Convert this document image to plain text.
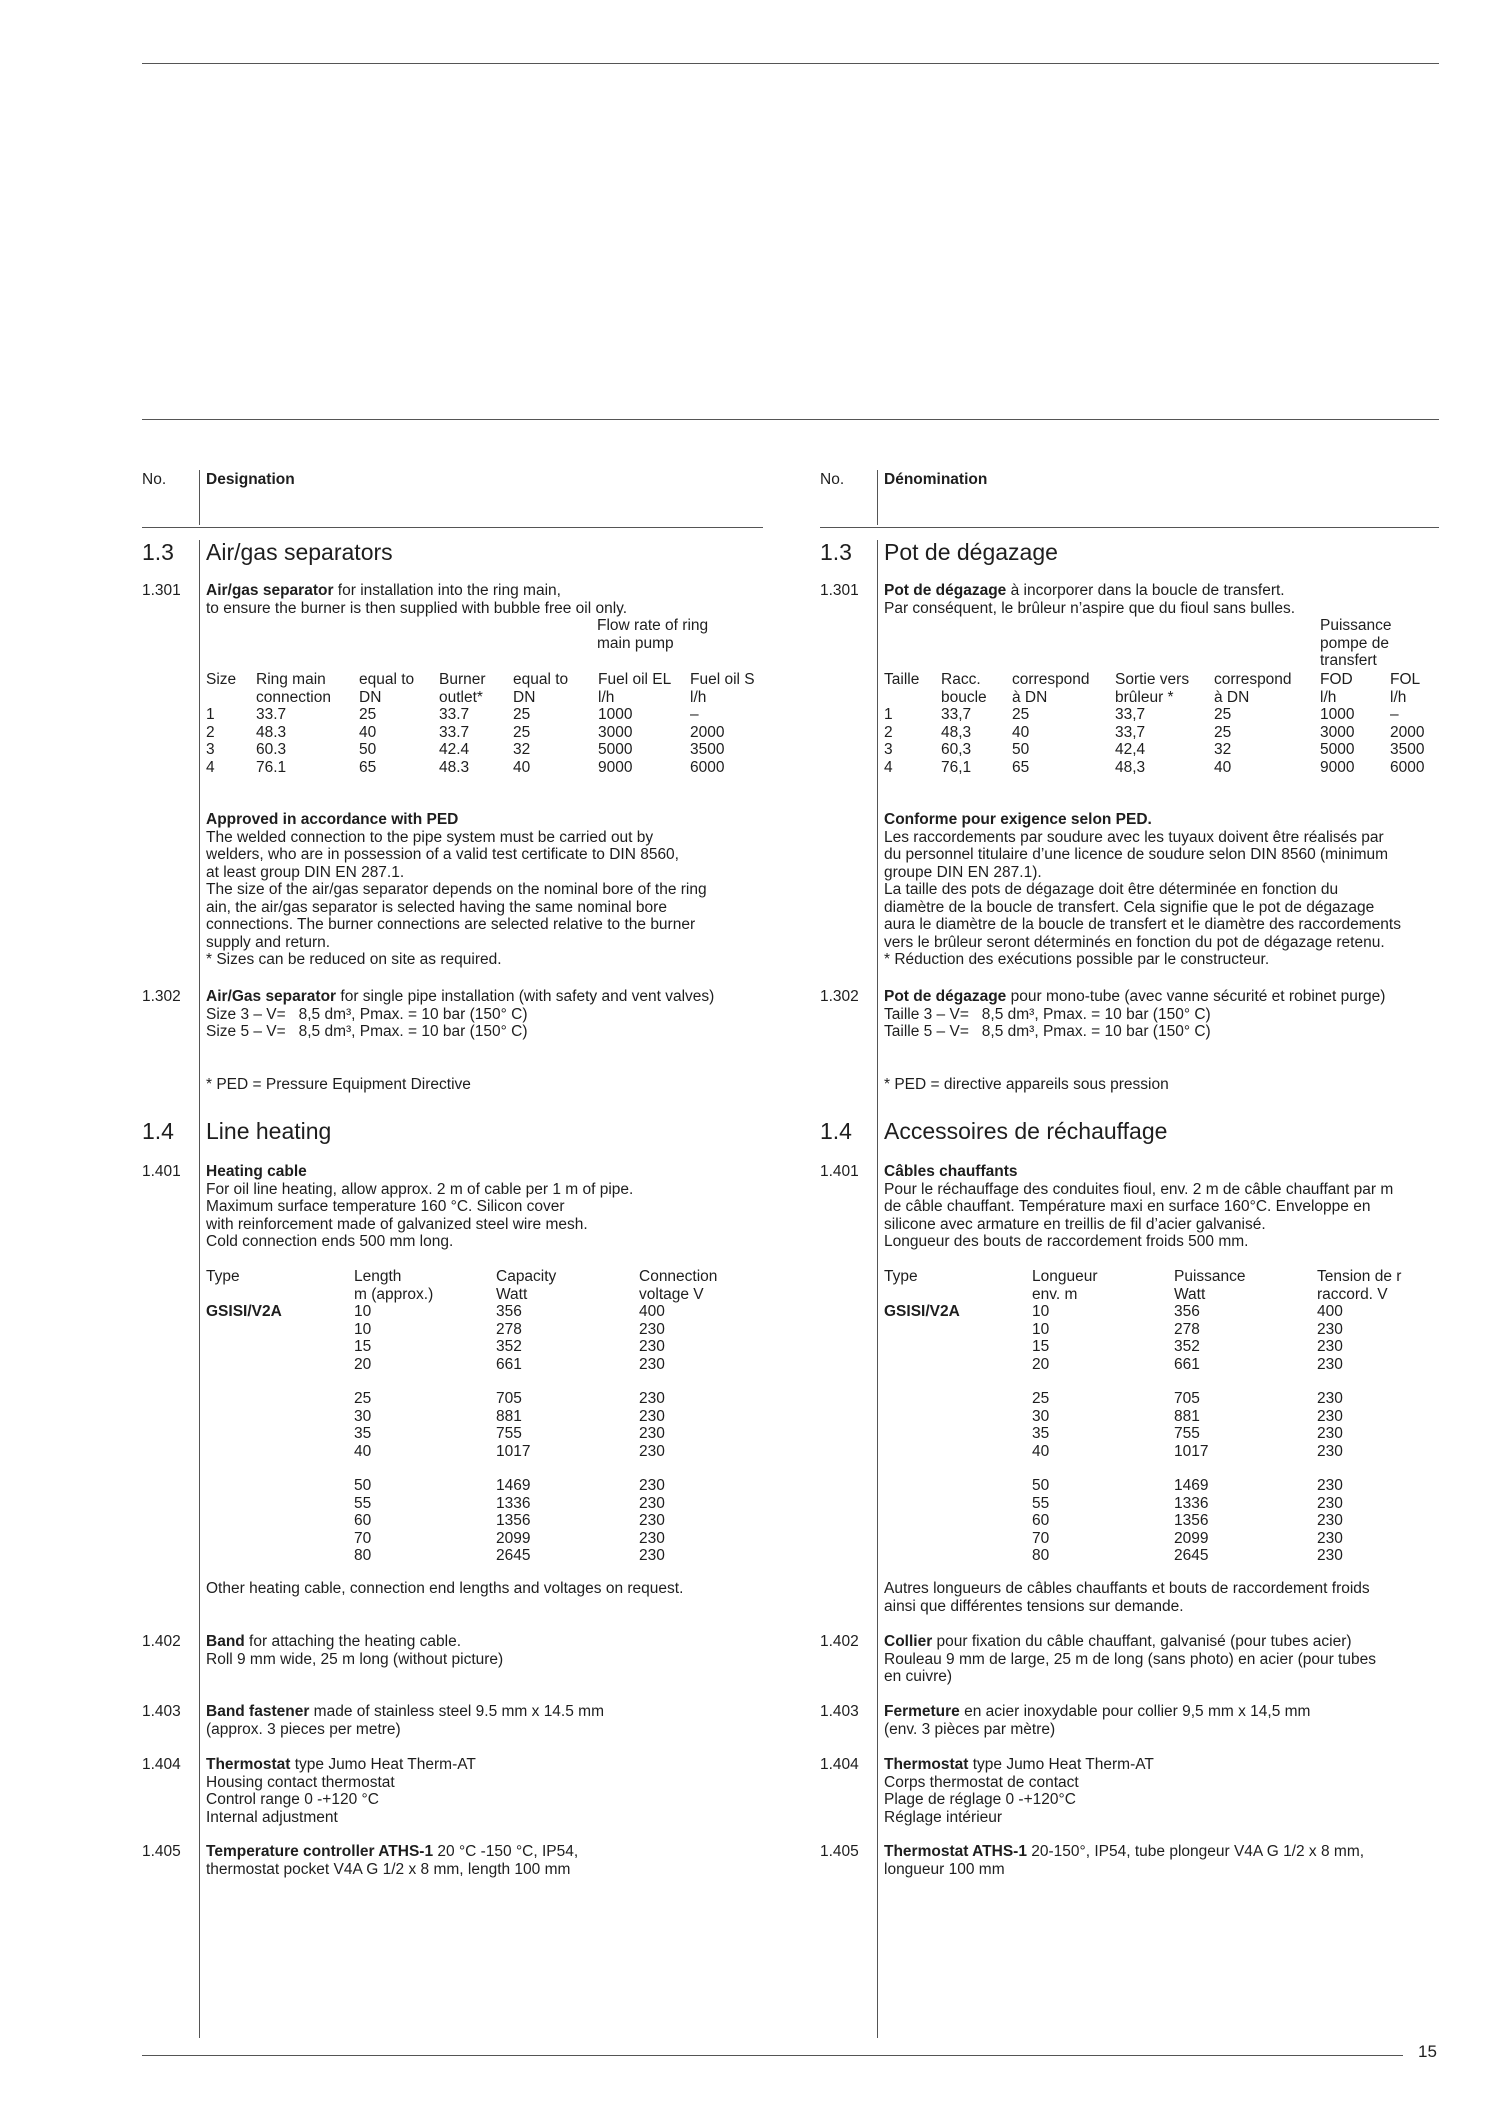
No.	Designation	No.	Dénomination
1.3 Air/gas separators
1.301 Air/gas separator for installation into the ring main,
to ensure the burner is then supplied with bubble free oil only.
Flow rate of ring
main pump
Size	Ring main	equal to	Burner	equal to	Fuel oil EL	Fuel oil S
	connection	DN	outlet*	DN	l/h	l/h
1	33.7	25	33.7	25	1000	–
2	48.3	40	33.7	25	3000	2000
3	60.3	50	42.4	32	5000	3500
4	76.1	65	48.3	40	9000	6000
Approved in accordance with PED
The welded connection to the pipe system must be carried out by
welders, who are in possession of a valid test certificate to DIN 8560,
at least group DIN EN 287.1.
The size of the air/gas separator depends on the nominal bore of the ring
ain, the air/gas separator is selected having the same nominal bore
connections. The burner connections are selected relative to the burner
supply and return.
* Sizes can be reduced on site as required.
1.302 Air/Gas separator for single pipe installation (with safety and vent valves)
Size 3 – V=   8,5 dm³, Pmax. = 10 bar (150° C)
Size 5 – V=   8,5 dm³, Pmax. = 10 bar (150° C)
* PED = Pressure Equipment Directive
1.4 Line heating
1.401 Heating cable
For oil line heating, allow approx. 2 m of cable per 1 m of pipe.
Maximum surface temperature 160 °C. Silicon cover
with reinforcement made of galvanized steel wire mesh.
Cold connection ends 500 mm long.
Type	Length	Capacity	Connection
	m (approx.)	Watt	voltage V
GSISI/V2A	10	356	400
	10	278	230
	15	352	230
	20	661	230

	25	705	230
	30	881	230
	35	755	230
	40	1017	230

	50	1469	230
	55	1336	230
	60	1356	230
	70	2099	230
	80	2645	230
Other heating cable, connection end lengths and voltages on request.
1.402 Band for attaching the heating cable.
Roll 9 mm wide, 25 m long (without picture)
1.403 Band fastener made of stainless steel 9.5 mm x 14.5 mm
(approx. 3 pieces per metre)
1.404 Thermostat type Jumo Heat Therm-AT
Housing contact thermostat
Control range 0 -+120 °C
Internal adjustment
1.405 Temperature controller ATHS-1 20 °C -150 °C, IP54,
thermostat pocket V4A G 1/2 x 8 mm, length 100 mm
1.3 Pot de dégazage
1.301 Pot de dégazage à incorporer dans la boucle de transfert.
Par conséquent, le brûleur n’aspire que du fioul sans bulles.
Puissance
pompe de
transfert
Taille	Racc.	correspond	Sortie vers	correspond	FOD	FOL
	boucle	à DN	brûleur *	à DN	l/h	l/h
1	33,7	25	33,7	25	1000	–
2	48,3	40	33,7	25	3000	2000
3	60,3	50	42,4	32	5000	3500
4	76,1	65	48,3	40	9000	6000
Conforme pour exigence selon PED.
Les raccordements par soudure avec les tuyaux doivent être réalisés par
du personnel titulaire d’une licence de soudure selon DIN 8560 (minimum
groupe DIN EN 287.1).
La taille des pots de dégazage doit être déterminée en fonction du
diamètre de la boucle de transfert. Cela signifie que le pot de dégazage
aura le diamètre de la boucle de transfert et le diamètre des raccordements
vers le brûleur seront déterminés en fonction du pot de dégazage retenu.
* Réduction des exécutions possible par le constructeur.
1.302 Pot de dégazage pour mono-tube (avec vanne sécurité et robinet purge)
Taille 3 – V=   8,5 dm³, Pmax. = 10 bar (150° C)
Taille 5 – V=   8,5 dm³, Pmax. = 10 bar (150° C)
* PED = directive appareils sous pression
1.4 Accessoires de réchauffage
1.401 Câbles chauffants
Pour le réchauffage des conduites fioul, env. 2 m de câble chauffant par m
de câble chauffant. Température maxi en surface 160°C. Enveloppe en
silicone avec armature en treillis de fil d’acier galvanisé.
Longueur des bouts de raccordement froids 500 mm.
Type	Longueur	Puissance	Tension de r
	env. m	Watt	raccord. V
GSISI/V2A	10	356	400
	10	278	230
	15	352	230
	20	661	230

	25	705	230
	30	881	230
	35	755	230
	40	1017	230

	50	1469	230
	55	1336	230
	60	1356	230
	70	2099	230
	80	2645	230
Autres longueurs de câbles chauffants et bouts de raccordement froids
ainsi que différentes tensions sur demande.
1.402 Collier pour fixation du câble chauffant, galvanisé (pour tubes acier)
Rouleau 9 mm de large, 25 m de long (sans photo) en acier (pour tubes
en cuivre)
1.403 Fermeture en acier inoxydable pour collier 9,5 mm x 14,5 mm
(env. 3 pièces par mètre)
1.404 Thermostat type Jumo Heat Therm-AT
Corps thermostat de contact
Plage de réglage 0 -+120°C
Réglage intérieur
1.405 Thermostat ATHS-1 20-150°, IP54, tube plongeur V4A G 1/2 x 8 mm,
longueur 100 mm
15
